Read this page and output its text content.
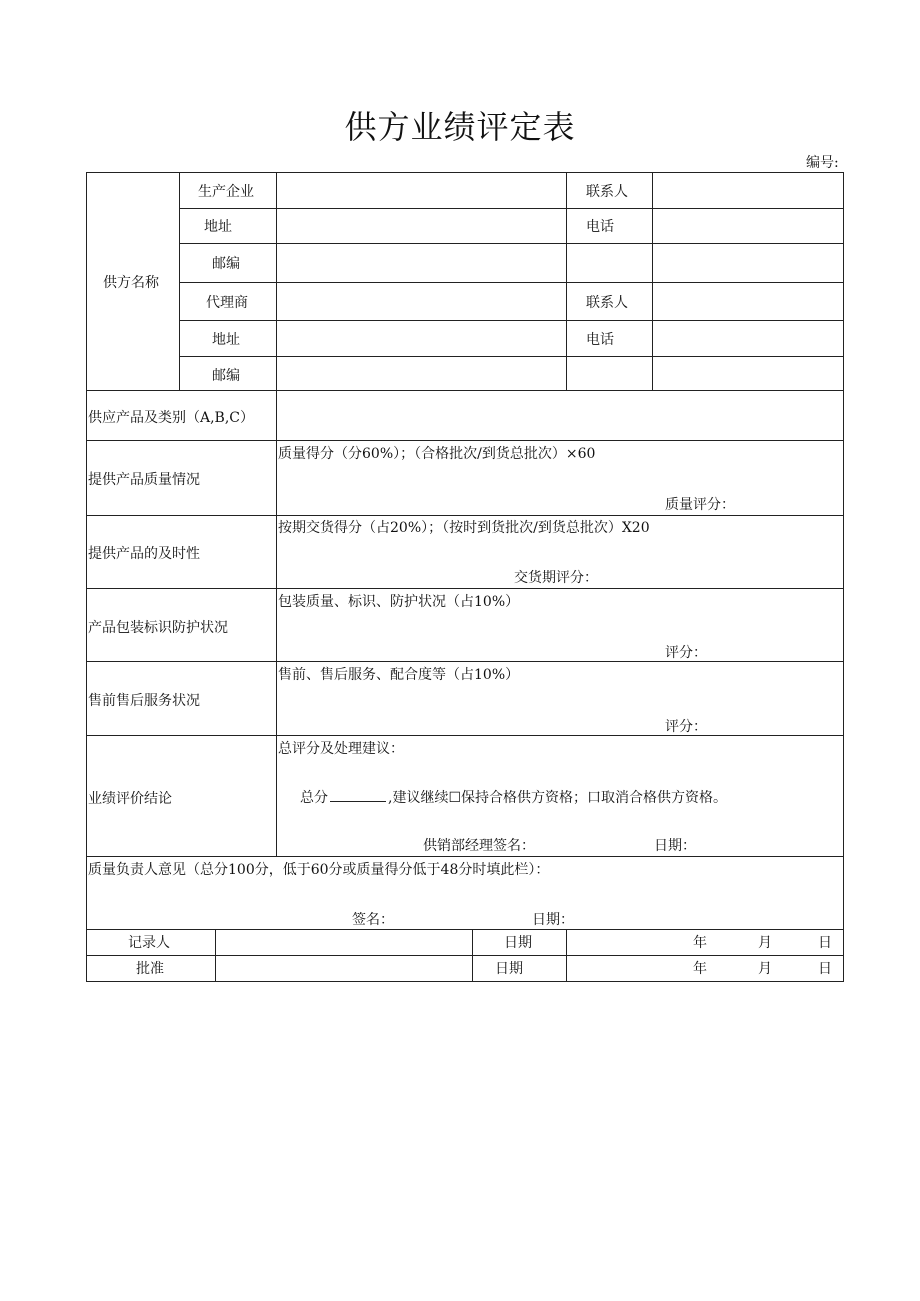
供方业绩评定表
编号:
供方名称
生产企业	联系人
地址	电话
邮编
代理商	联系人
地址	电话
邮编
供应产品及类别（A,B,C）
提供产品质量情况
质量得分（分60%）；（合格批次/到货总批次）×60
质量评分：
提供产品的及时性
按期交货得分（占20%）；（按时到货批次/到货总批次）X20
交货期评分：
产品包装标识防护状况
包装质量、标识、防护状况（占10%）
评分：
售前售后服务状况
售前、售后服务、配合度等（占10%）
评分：
业绩评价结论
总评分及处理建议：
总分	,建议继续☐保持合格供方资格；口取消合格供方资格。
供销部经理签名：	日期：
质量负责人意见（总分100分，低于60分或质量得分低于48分时填此栏）：
签名：	日期：
记录人	日期	年	月	日
批准	日期	年	月	日
